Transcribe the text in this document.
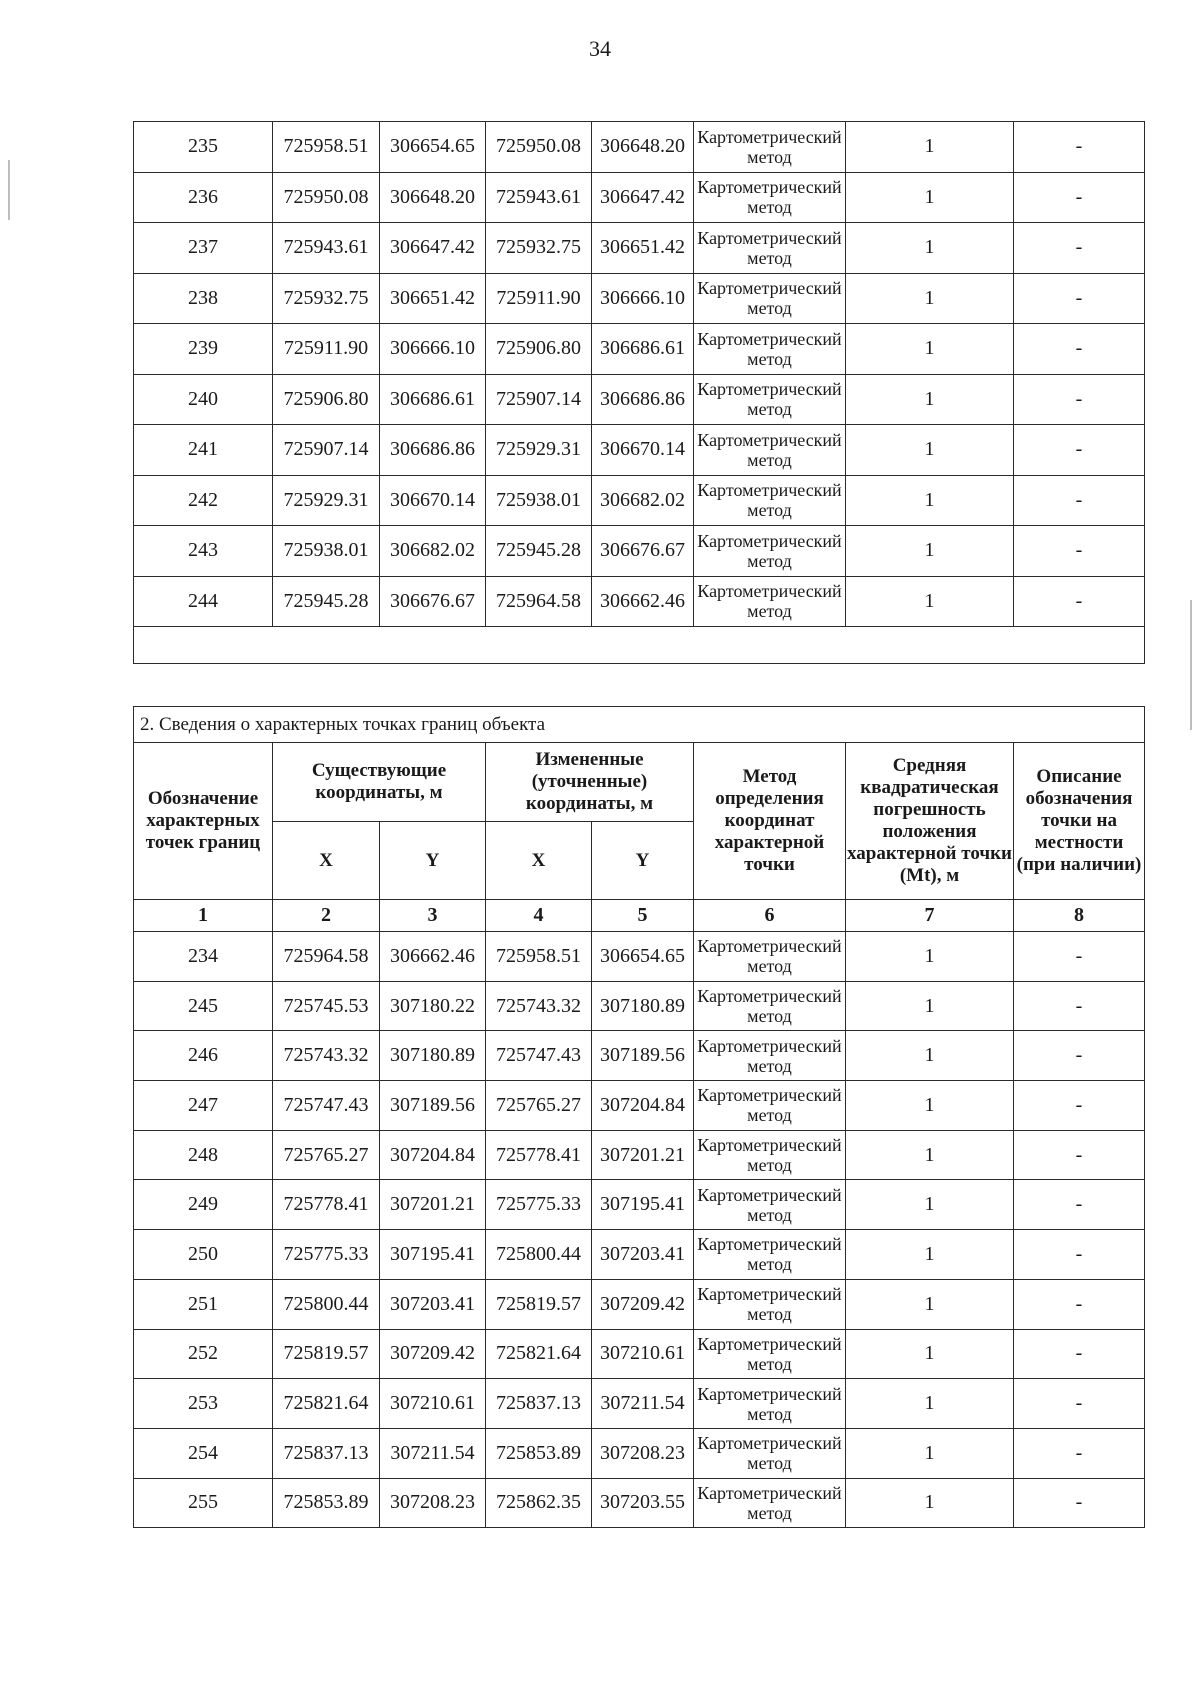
34
235	725958.51	306654.65	725950.08	306648.20	Картометрический метод	1	-
236	725950.08	306648.20	725943.61	306647.42	Картометрический метод	1	-
237	725943.61	306647.42	725932.75	306651.42	Картометрический метод	1	-
238	725932.75	306651.42	725911.90	306666.10	Картометрический метод	1	-
239	725911.90	306666.10	725906.80	306686.61	Картометрический метод	1	-
240	725906.80	306686.61	725907.14	306686.86	Картометрический метод	1	-
241	725907.14	306686.86	725929.31	306670.14	Картометрический метод	1	-
242	725929.31	306670.14	725938.01	306682.02	Картометрический метод	1	-
243	725938.01	306682.02	725945.28	306676.67	Картометрический метод	1	-
244	725945.28	306676.67	725964.58	306662.46	Картометрический метод	1	-

2. Сведения о характерных точках границ объекта							
Обозначение характерных точек границ	Существующие координаты, м		Измененные (уточненные) координаты, м		Метод определения координат характерной точки	Средняя квадратическая погрешность положения характерной точки (Mt), м	Описание обозначения точки на местности (при наличии)
	X	Y	X	Y			
1	2	3	4	5	6	7	8
234	725964.58	306662.46	725958.51	306654.65	Картометрический метод	1	-
245	725745.53	307180.22	725743.32	307180.89	Картометрический метод	1	-
246	725743.32	307180.89	725747.43	307189.56	Картометрический метод	1	-
247	725747.43	307189.56	725765.27	307204.84	Картометрический метод	1	-
248	725765.27	307204.84	725778.41	307201.21	Картометрический метод	1	-
249	725778.41	307201.21	725775.33	307195.41	Картометрический метод	1	-
250	725775.33	307195.41	725800.44	307203.41	Картометрический метод	1	-
251	725800.44	307203.41	725819.57	307209.42	Картометрический метод	1	-
252	725819.57	307209.42	725821.64	307210.61	Картометрический метод	1	-
253	725821.64	307210.61	725837.13	307211.54	Картометрический метод	1	-
254	725837.13	307211.54	725853.89	307208.23	Картометрический метод	1	-
255	725853.89	307208.23	725862.35	307203.55	Картометрический метод	1	-
